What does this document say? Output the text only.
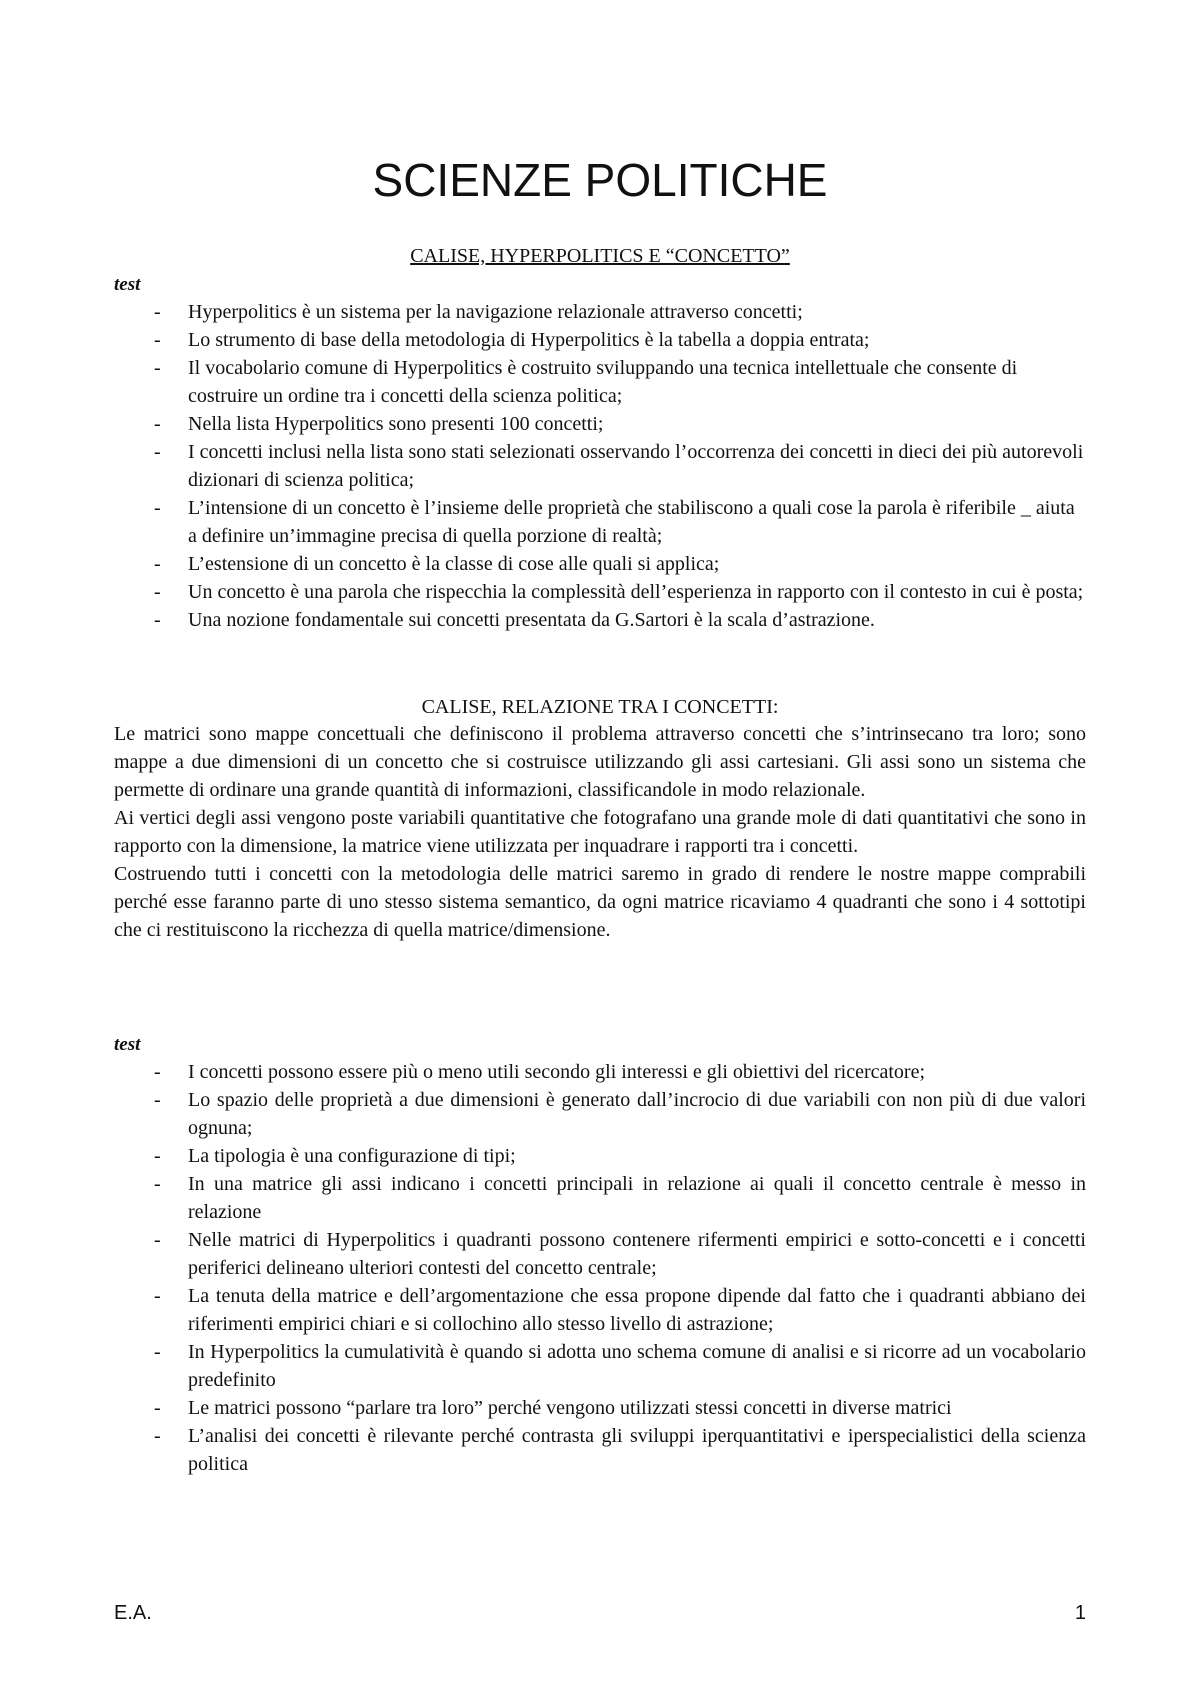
SCIENZE POLITICHE
CALISE, HYPERPOLITICS E “CONCETTO”
test
- Hyperpolitics è un sistema per la navigazione relazionale attraverso concetti;
- Lo strumento di base della metodologia di Hyperpolitics è la tabella a doppia entrata;
- Il vocabolario comune di Hyperpolitics è costruito sviluppando una tecnica intellettuale che consente di costruire un ordine tra i concetti della scienza politica;
- Nella lista Hyperpolitics sono presenti 100 concetti;
- I concetti inclusi nella lista sono stati selezionati osservando l’occorrenza dei concetti in dieci dei più autorevoli dizionari di scienza politica;
- L’intensione di un concetto è l’insieme delle proprietà che stabiliscono a quali cose la parola è riferibile _ aiuta a definire un’immagine precisa di quella porzione di realtà;
- L’estensione di un concetto è la classe di cose alle quali si applica;
- Un concetto è una parola che rispecchia la complessità dell’esperienza in rapporto con il contesto in cui è posta;
- Una nozione fondamentale sui concetti presentata da G.Sartori è la scala d’astrazione.
CALISE, RELAZIONE TRA I CONCETTI:

Le matrici sono mappe concettuali che definiscono il problema attraverso concetti che s’intrinsecano tra loro; sono mappe a due dimensioni di un concetto che si costruisce utilizzando gli assi cartesiani. Gli assi sono un sistema che permette di ordinare una grande quantità di informazioni, classificandole in modo relazionale.

Ai vertici degli assi vengono poste variabili quantitative che fotografano una grande mole di dati quantitativi che sono in rapporto con la dimensione, la matrice viene utilizzata per inquadrare i rapporti tra i concetti.

Costruendo tutti i concetti con la metodologia delle matrici saremo in grado di rendere le nostre mappe comprabili perché esse faranno parte di uno stesso sistema semantico, da ogni matrice ricaviamo 4 quadranti che sono i 4 sottotipi che ci restituiscono la ricchezza di quella matrice/dimensione.

test
- I concetti possono essere più o meno utili secondo gli interessi e gli obiettivi del ricercatore;
- Lo spazio delle proprietà a due dimensioni è generato dall’incrocio di due variabili con non più di due valori ognuna;
- La tipologia è una configurazione di tipi;
- In una matrice gli assi indicano i concetti principali in relazione ai quali il concetto centrale è messo in relazione
- Nelle matrici di Hyperpolitics i quadranti possono contenere rifermenti empirici e sotto-concetti e i concetti periferici delineano ulteriori contesti del concetto centrale;
- La tenuta della matrice e dell’argomentazione che essa propone dipende dal fatto che i quadranti abbiano dei riferimenti empirici chiari e si collochino allo stesso livello di astrazione;
- In Hyperpolitics la cumulatività è quando si adotta uno schema comune di analisi e si ricorre ad un vocabolario predefinito
- Le matrici possono “parlare tra loro” perché vengono utilizzati stessi concetti in diverse matrici
- L’analisi dei concetti è rilevante perché contrasta gli sviluppi iperquantitativi e iperspecialistici della scienza politica
E.A.	1
